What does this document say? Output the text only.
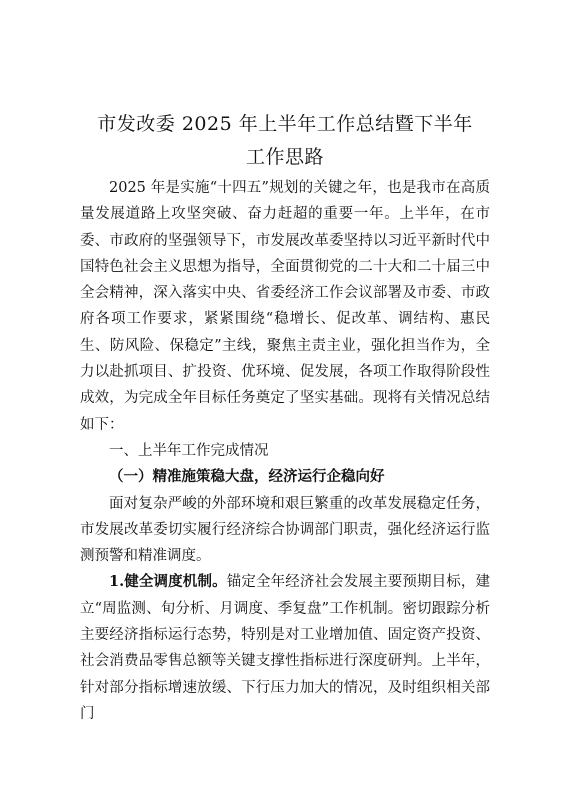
市发改委 2025 年上半年工作总结暨下半年
工作思路

2025 年是实施“十四五”规划的关键之年，也是我市在高质量发展道路上攻坚突破、奋力赶超的重要一年。上半年，在市委、市政府的坚强领导下，市发展改革委坚持以习近平新时代中国特色社会主义思想为指导，全面贯彻党的二十大和二十届三中全会精神，深入落实中央、省委经济工作会议部署及市委、市政府各项工作要求，紧紧围绕“稳增长、促改革、调结构、惠民生、防风险、保稳定”主线，聚焦主责主业，强化担当作为，全力以赴抓项目、扩投资、优环境、促发展，各项工作取得阶段性成效，为完成全年目标任务奠定了坚实基础。现将有关情况总结如下：

一、上半年工作完成情况

（一）精准施策稳大盘，经济运行企稳向好

面对复杂严峻的外部环境和艰巨繁重的改革发展稳定任务，市发展改革委切实履行经济综合协调部门职责，强化经济运行监测预警和精准调度。

1.健全调度机制。锚定全年经济社会发展主要预期目标，建立“周监测、旬分析、月调度、季复盘”工作机制。密切跟踪分析主要经济指标运行态势，特别是对工业增加值、固定资产投资、社会消费品零售总额等关键支撑性指标进行深度研判。上半年，针对部分指标增速放缓、下行压力加大的情况，及时组织相关部门
